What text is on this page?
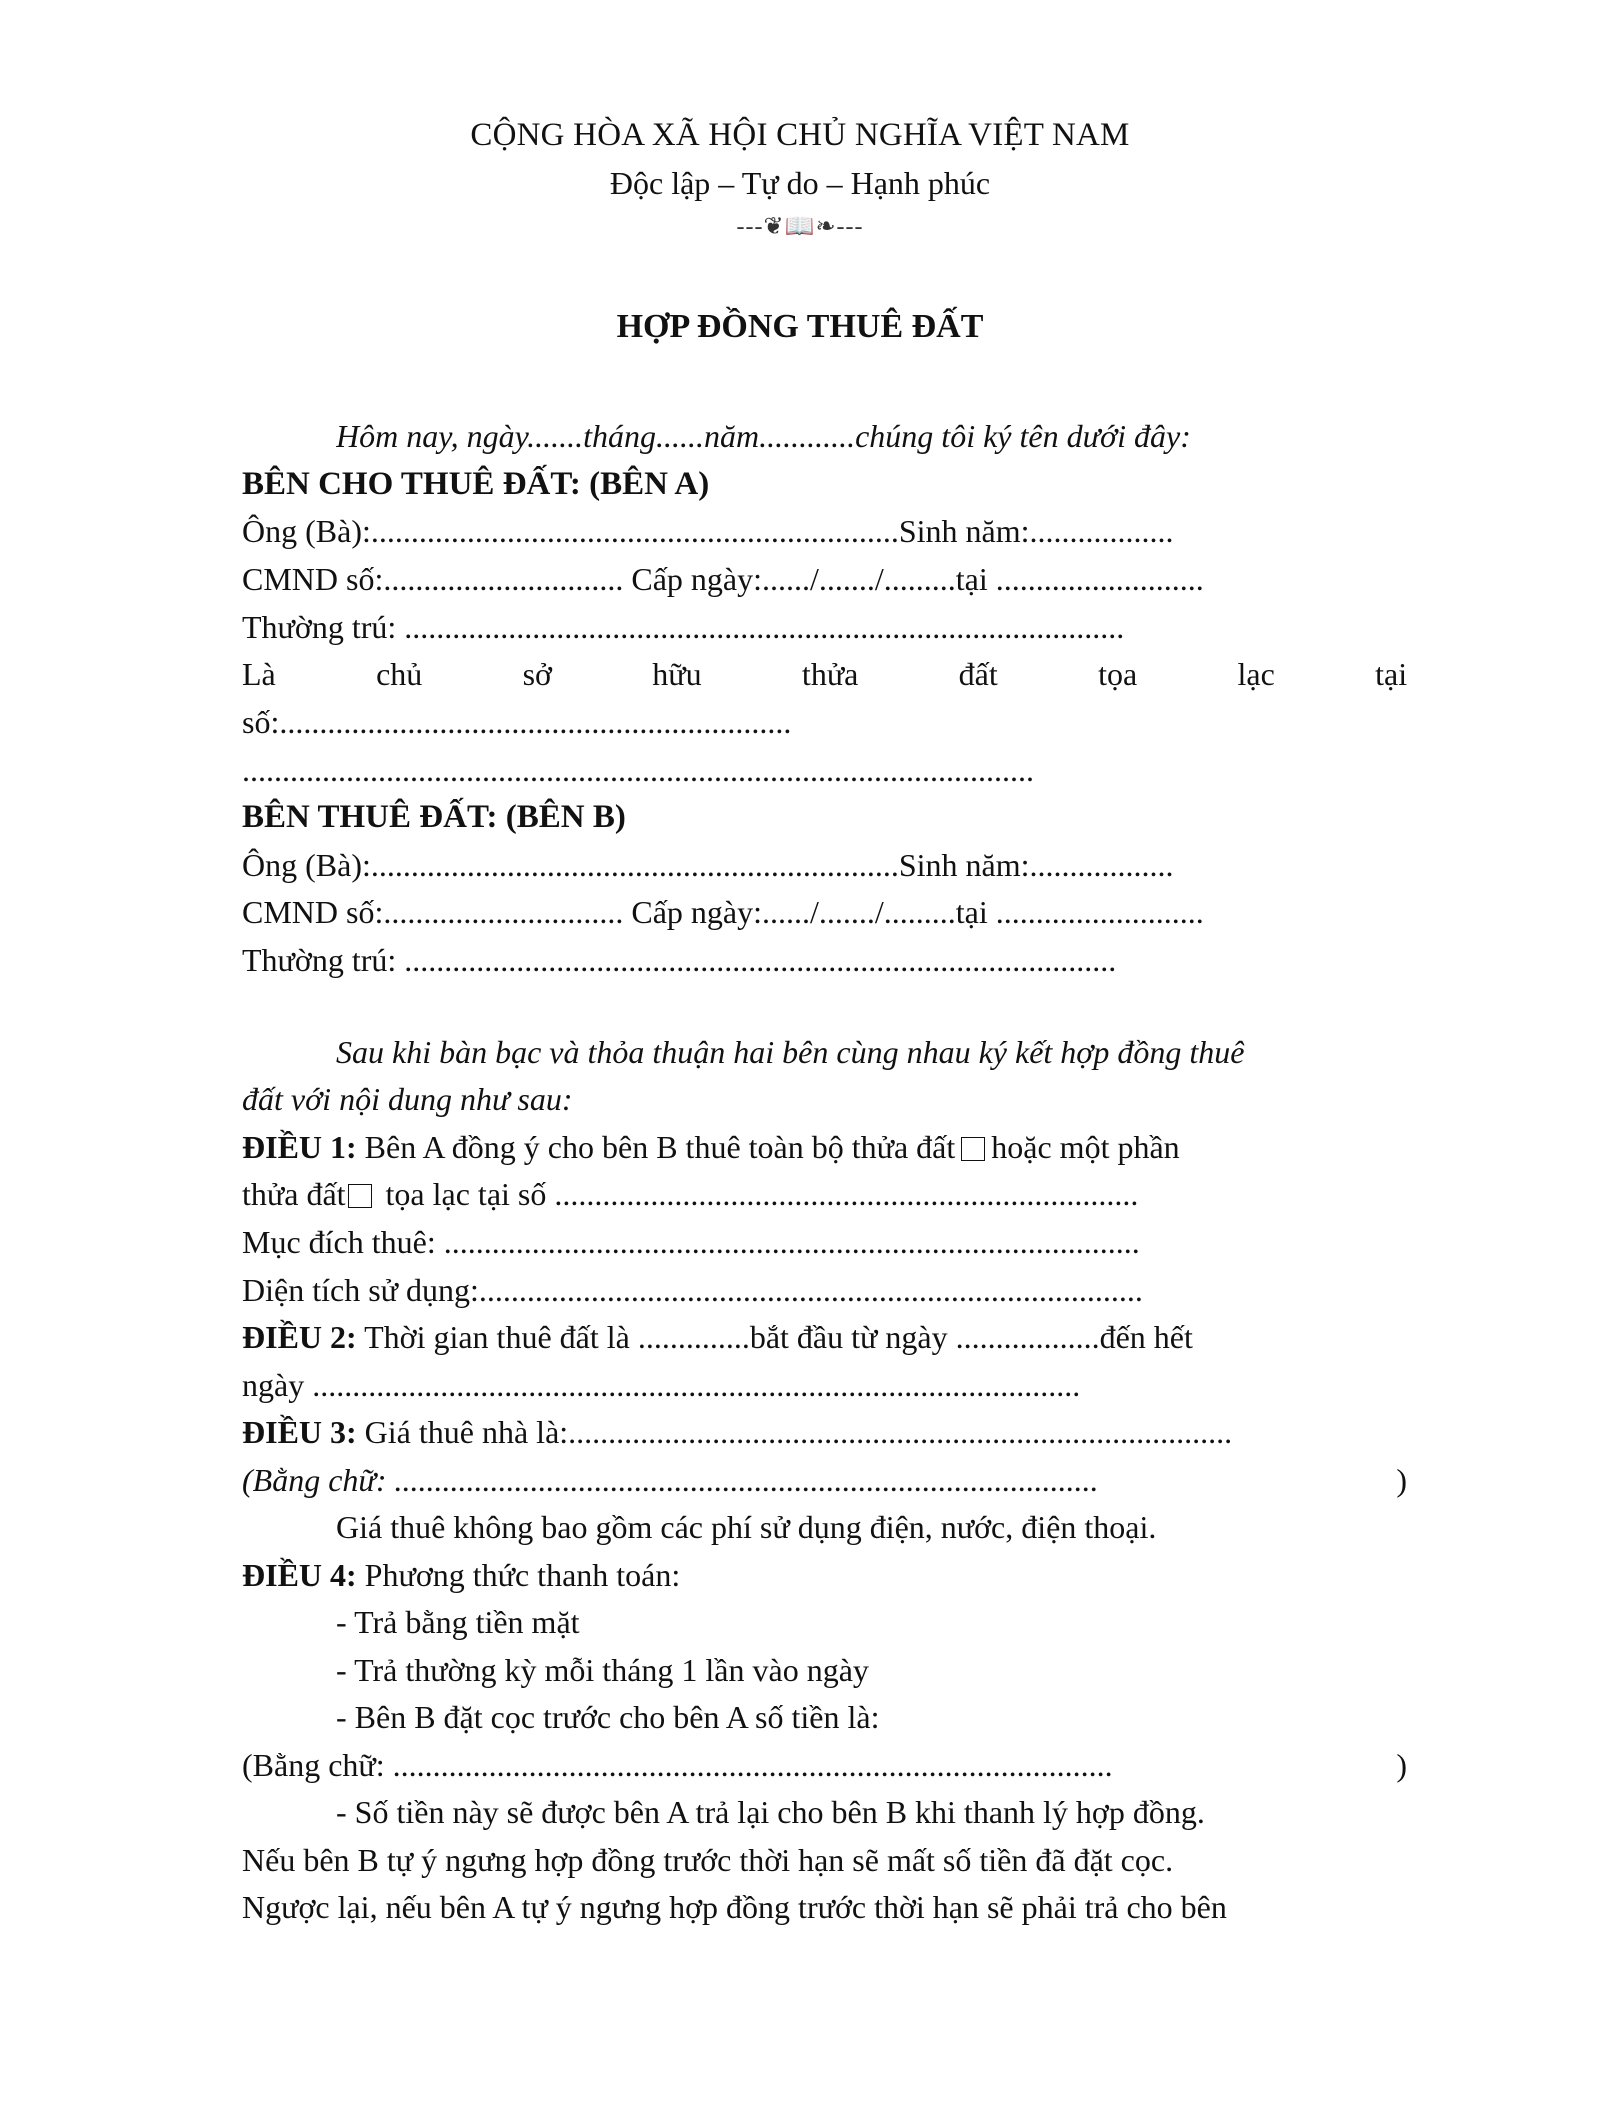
CỘNG HÒA XÃ HỘI CHỦ NGHĨA VIỆT NAM
Độc lập – Tự do – Hạnh phúc
---❦📖❧---
HỢP ĐỒNG THUÊ ĐẤT
Hôm nay, ngày.......tháng......năm............chúng tôi ký tên dưới đây:
BÊN CHO THUÊ ĐẤT: (BÊN A)
Ông (Bà):..................................................................Sinh năm:..................
CMND số:.............................. Cấp ngày:....../......./.........tại ..........................
Thường trú: ..........................................................................................
Là	chủ	sở	hữu	thửa	đất	tọa	lạc	tại
số:................................................................
...................................................................................................
BÊN THUÊ ĐẤT: (BÊN B)
Ông (Bà):..................................................................Sinh năm:..................
CMND số:.............................. Cấp ngày:....../......./.........tại ..........................
Thường trú: .........................................................................................
Sau khi bàn bạc và thỏa thuận hai bên cùng nhau ký kết hợp đồng thuê
đất với nội dung như sau:
ĐIỀU 1: Bên A đồng ý cho bên B thuê toàn bộ thửa đất hoặc một phần
thửa đất tọa lạc tại số .........................................................................
Mục đích thuê: .......................................................................................
Diện tích sử dụng:...................................................................................
ĐIỀU 2: Thời gian thuê đất là ..............bắt đầu từ ngày ..................đến hết
ngày ................................................................................................
ĐIỀU 3: Giá thuê nhà là:...................................................................................
(Bằng chữ: ........................................................................................	)
Giá thuê không bao gồm các phí sử dụng điện, nước, điện thoại.
ĐIỀU 4: Phương thức thanh toán:
- Trả bằng tiền mặt
- Trả thường kỳ mỗi tháng 1 lần vào ngày
- Bên B đặt cọc trước cho bên A số tiền là:
(Bằng chữ: ..........................................................................................	)
- Số tiền này sẽ được bên A trả lại cho bên B khi thanh lý hợp đồng.
Nếu bên B tự ý ngưng hợp đồng trước thời hạn sẽ mất số tiền đã đặt cọc.
Ngược lại, nếu bên A tự ý ngưng hợp đồng trước thời hạn sẽ phải trả cho bên
